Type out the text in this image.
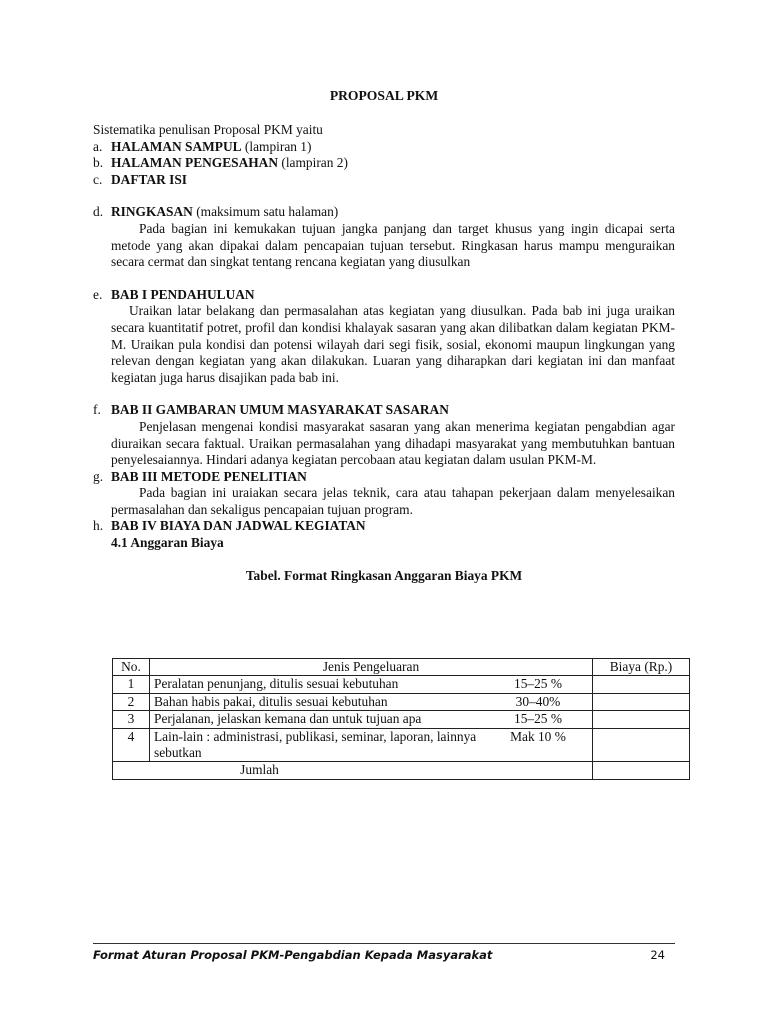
PROPOSAL PKM

Sistematika penulisan Proposal PKM yaitu

a. HALAMAN SAMPUL (lampiran 1)
b. HALAMAN PENGESAHAN (lampiran 2)
c. DAFTAR ISI
d. RINGKASAN (maksimum satu halaman)

Pada bagian ini kemukakan tujuan jangka panjang dan target khusus yang ingin dicapai serta metode yang akan dipakai dalam pencapaian tujuan tersebut. Ringkasan harus mampu menguraikan secara cermat dan singkat tentang rencana kegiatan yang diusulkan

e. BAB I PENDAHULUAN

Uraikan latar belakang dan permasalahan atas kegiatan yang diusulkan. Pada bab ini juga uraikan secara kuantitatif potret, profil dan kondisi khalayak sasaran yang akan dilibatkan dalam kegiatan PKM-M. Uraikan pula kondisi dan potensi wilayah dari segi fisik, sosial, ekonomi maupun lingkungan yang relevan dengan kegiatan yang akan dilakukan. Luaran yang diharapkan dari kegiatan ini dan manfaat kegiatan juga harus disajikan pada bab ini.

f. BAB II GAMBARAN UMUM MASYARAKAT SASARAN

Penjelasan mengenai kondisi masyarakat sasaran yang akan menerima kegiatan pengabdian agar diuraikan secara faktual. Uraikan permasalahan yang dihadapi masyarakat yang membutuhkan bantuan penyelesaiannya. Hindari adanya kegiatan percobaan atau kegiatan dalam usulan PKM-M.

g. BAB III METODE PENELITIAN

Pada bagian ini uraiakan secara jelas teknik, cara atau tahapan pekerjaan dalam menyelesaikan permasalahan dan sekaligus pencapaian tujuan program.

h. BAB IV BIAYA DAN JADWAL KEGIATAN
4.1 Anggaran Biaya
Tabel. Format Ringkasan Anggaran Biaya PKM
No.	Jenis Pengeluaran		Biaya (Rp.)
1	Peralatan penunjang, ditulis sesuai kebutuhan	15–25 %	
2	Bahan habis pakai, ditulis sesuai kebutuhan	30–40%	
3	Perjalanan, jelaskan kemana dan untuk tujuan apa	15–25 %	
4	Lain-lain : administrasi, publikasi, seminar, laporan, lainnya sebutkan	Mak 10 %	
Jumlah			
Format Aturan Proposal PKM-Pengabdian Kepada Masyarakat	24
